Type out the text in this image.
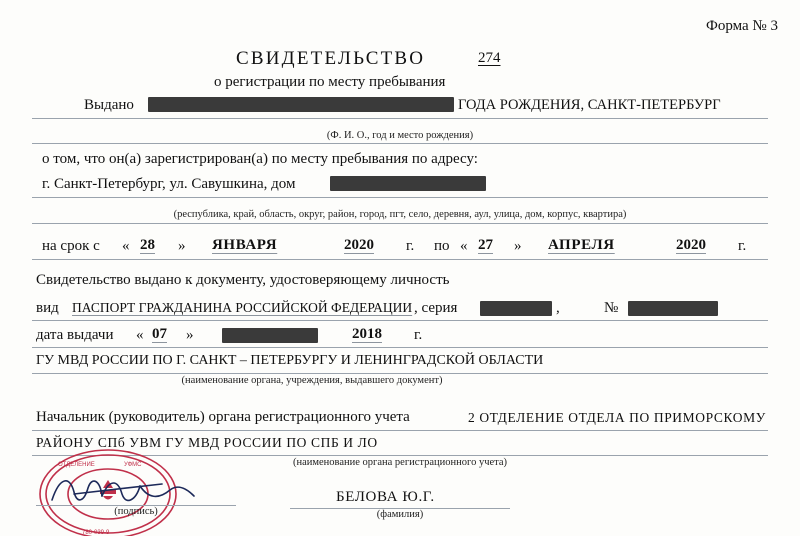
Форма № 3
СВИДЕТЕЛЬСТВО	274
о регистрации по месту пребывания
Выдано	ГОДА РОЖДЕНИЯ, САНКТ-ПЕТЕРБУРГ
(Ф. И. О., год и место рождения)
о том, что он(а) зарегистрирован(а) по месту пребывания по адресу:
г. Санкт-Петербург, ул. Савушкина, дом
(республика, край, область, округ, район, город, пгт, село, деревня, аул, улица, дом, корпус, квартира)
на срок с « 28 » ЯНВАРЯ	2020 г. по « 27 » АПРЕЛЯ	2020 г.
Свидетельство выдано к документу, удостоверяющему личность
вид ПАСПОРТ ГРАЖДАНИНА РОССИЙСКОЙ ФЕДЕРАЦИИ , серия	,	№
дата выдачи « 07 »	2018 г.
ГУ МВД РОССИИ ПО Г. САНКТ – ПЕТЕРБУРГУ И ЛЕНИНГРАДСКОЙ ОБЛАСТИ
(наименование органа, учреждения, выдавшего документ)
Начальник (руководитель) органа регистрационного учета	2 ОТДЕЛЕНИЕ ОТДЕЛА ПО ПРИМОРСКОМУ
РАЙОНУ СПб УВМ ГУ МВД РОССИИ ПО СПБ И ЛО
(наименование органа регистрационного учета)
ОТДЕЛЕНИЕ	УФМС
780-039-9
(подпись)
БЕЛОВА Ю.Г.
(фамилия)
